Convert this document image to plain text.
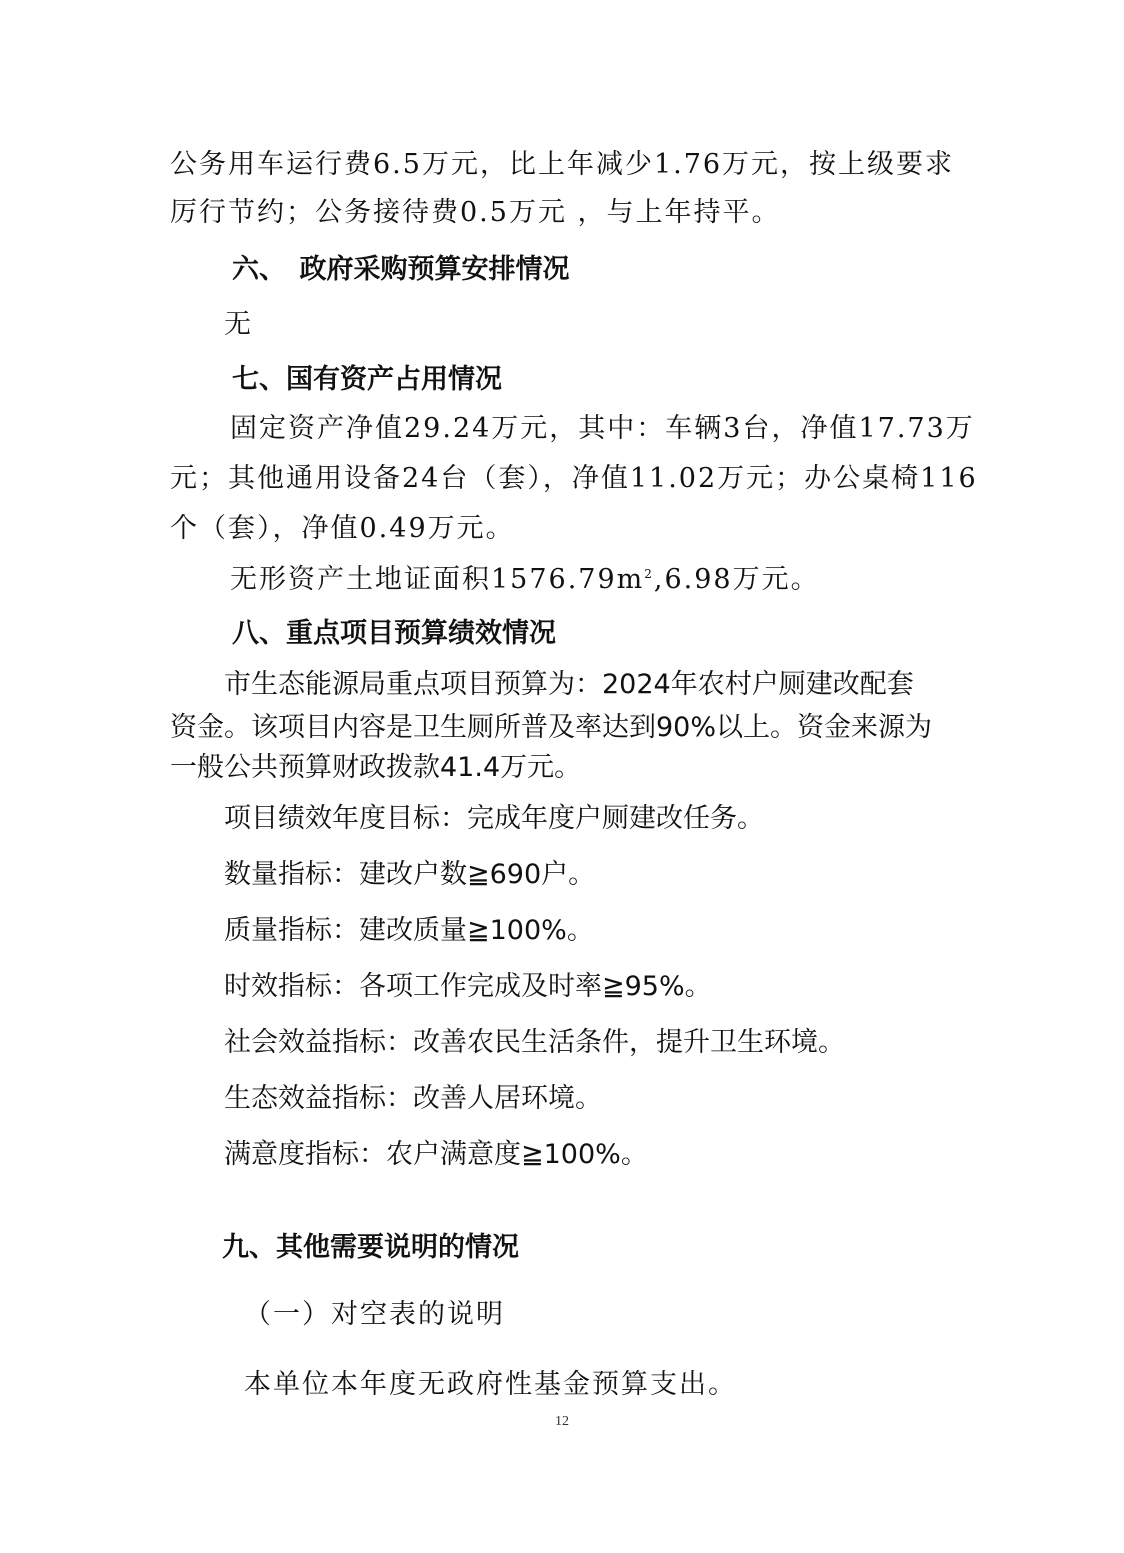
公务用车运行费6.5万元，比上年减少1.76万元，按上级要求

厉行节约；公务接待费0.5万元 ，与上年持平。

六、　政府采购预算安排情况

无

七、国有资产占用情况

固定资产净值29.24万元，其中：车辆3台，净值17.73万

元；其他通用设备24台（套），净值11.02万元；办公桌椅116

个（套），净值0.49万元。

无形资产土地证面积$1576.79m^2,6.98$万元。

八、重点项目预算绩效情况

市生态能源局重点项目预算为：2024年农村户厕建改配套

资金。该项目内容是卫生厕所普及率达到90%以上。资金来源为

一般公共预算财政拨款41.4万元。

项目绩效年度目标：完成年度户厕建改任务。

数量指标：建改户数≧690户。

质量指标：建改质量≧100%。

时效指标：各项工作完成及时率≧95%。

社会效益指标：改善农民生活条件，提升卫生环境。

生态效益指标：改善人居环境。

满意度指标：农户满意度≧100%。

九、其他需要说明的情况

（一）对空表的说明

本单位本年度无政府性基金预算支出。

12
